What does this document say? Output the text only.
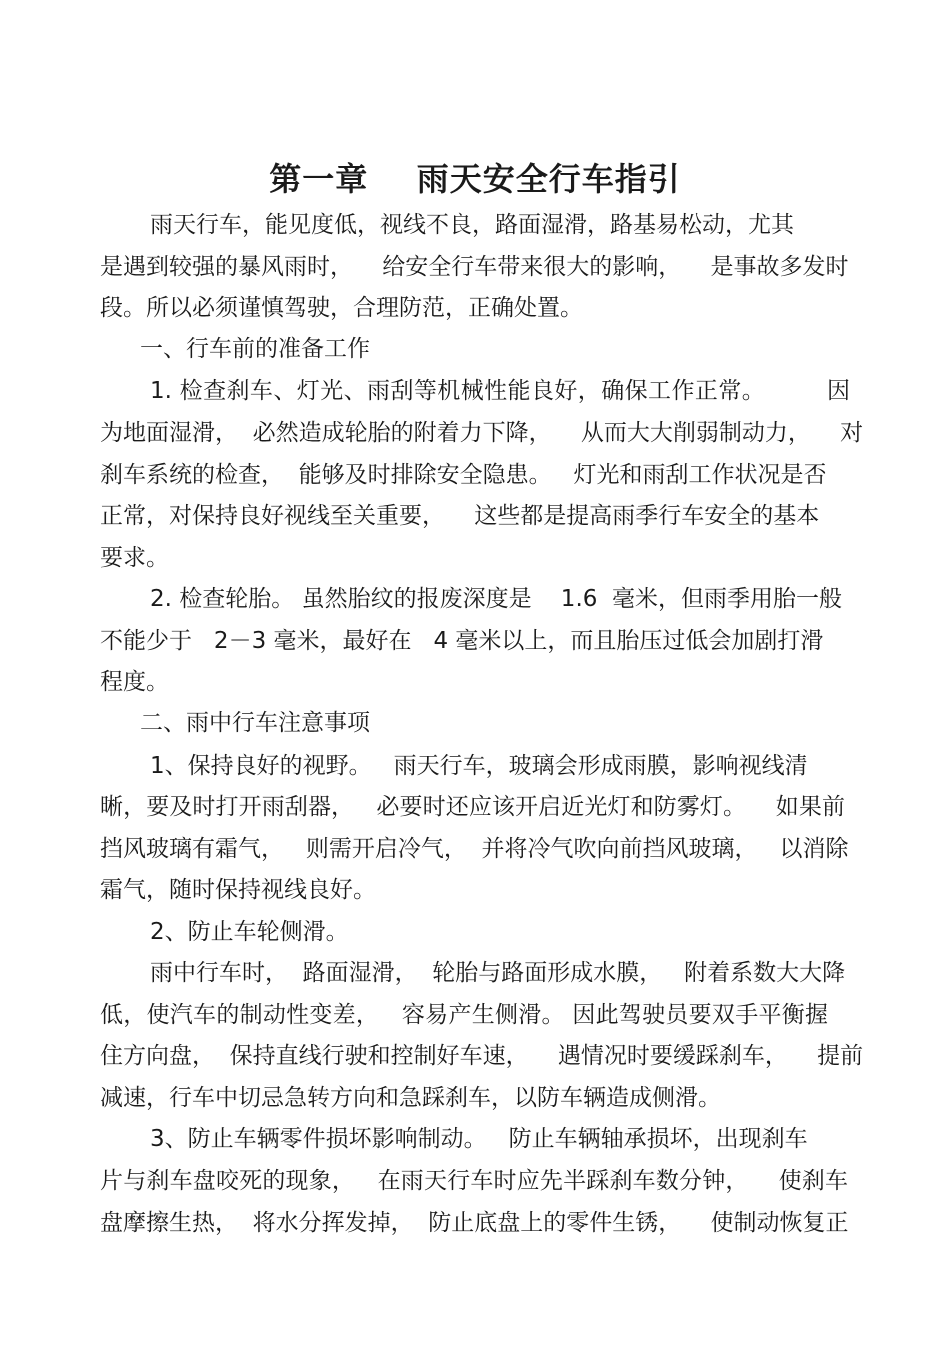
第一章    雨天安全行车指引

雨天行车，能见度低，视线不良，路面湿滑，路基易松动，尤其

是遇到较强的暴风雨时，    给安全行车带来很大的影响，    是事故多发时

段。所以必须谨慎驾驶，合理防范，正确处置。

一、行车前的准备工作

1. 检查刹车、灯光、雨刮等机械性能良好，确保工作正常。        因

为地面湿滑，  必然造成轮胎的附着力下降，    从而大大削弱制动力，    对

刹车系统的检查，  能够及时排除安全隐患。   灯光和雨刮工作状况是否

正常，对保持良好视线至关重要，    这些都是提高雨季行车安全的基本

要求。

2. 检查轮胎。 虽然胎纹的报废深度是    1.6  毫米，但雨季用胎一般

不能少于   2－3 毫米，最好在   4 毫米以上，而且胎压过低会加剧打滑

程度。

二、雨中行车注意事项

1、保持良好的视野。   雨天行车，玻璃会形成雨膜，影响视线清

晰，要及时打开雨刮器，   必要时还应该开启近光灯和防雾灯。    如果前

挡风玻璃有霜气，   则需开启冷气，  并将冷气吹向前挡风玻璃，   以消除

霜气，随时保持视线良好。

2、防止车轮侧滑。

雨中行车时，  路面湿滑，  轮胎与路面形成水膜，   附着系数大大降

低，使汽车的制动性变差，   容易产生侧滑。 因此驾驶员要双手平衡握

住方向盘，  保持直线行驶和控制好车速，    遇情况时要缓踩刹车，    提前

减速，行车中切忌急转方向和急踩刹车，以防车辆造成侧滑。

3、防止车辆零件损坏影响制动。   防止车辆轴承损坏，出现刹车

片与刹车盘咬死的现象，   在雨天行车时应先半踩刹车数分钟，    使刹车

盘摩擦生热，  将水分挥发掉，  防止底盘上的零件生锈，    使制动恢复正
